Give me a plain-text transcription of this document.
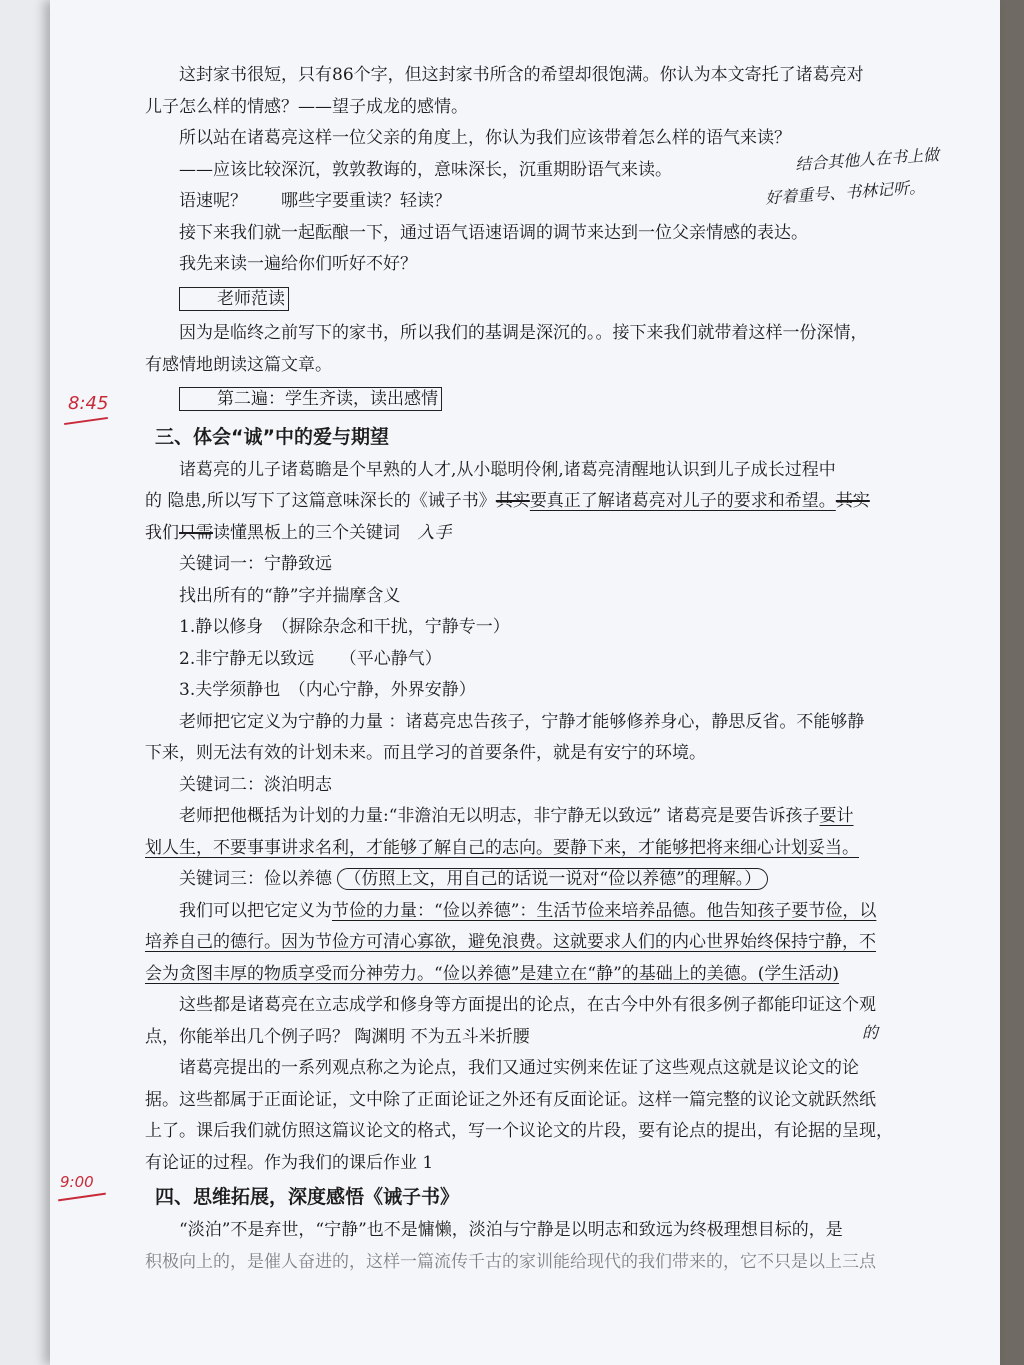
这封家书很短，只有86个字，但这封家书所含的希望却很饱满。你认为本文寄托了诸葛亮对

儿子怎么样的情感？——望子成龙的感情。

所以站在诸葛亮这样一位父亲的角度上，你认为我们应该带着怎么样的语气来读？

——应该比较深沉，敦敦教诲的，意味深长，沉重期盼语气来读。

语速呢？　　哪些字要重读？轻读？

接下来我们就一起酝酿一下，通过语气语速语调的调节来达到一位父亲情感的表达。

我先来读一遍给你们听好不好？

老师范读

因为是临终之前写下的家书，所以我们的基调是深沉的。。接下来我们就带着这样一份深情，

有感情地朗读这篇文章。

第二遍：学生齐读，读出感情

三、体会“诚”中的爱与期望

诸葛亮的儿子诸葛瞻是个早熟的人才,从小聪明伶俐,诸葛亮清醒地认识到儿子成长过程中

的 隐患,所以写下了这篇意味深长的《诫子书》其实要真正了解诸葛亮对儿子的要求和希望。其实

我们只需读懂黑板上的三个关键词 入手

关键词一：宁静致远

找出所有的“静”字并揣摩含义

1.静以修身　（摒除杂念和干扰，宁静专一）

2.非宁静无以致远　　（平心静气）

3.夫学须静也　（内心宁静，外界安静）

老师把它定义为宁静的力量 ：诸葛亮忠告孩子，宁静才能够修养身心，静思反省。不能够静

下来，则无法有效的计划未来。而且学习的首要条件，就是有安宁的环境。

关键词二：淡泊明志

老师把他概括为计划的力量:“非澹泊无以明志，非宁静无以致远” 诸葛亮是要告诉孩子要计

划人生，不要事事讲求名利，才能够了解自己的志向。要静下来，才能够把将来细心计划妥当。

关键词三：俭以养德 （仿照上文，用自己的话说一说对“俭以养德”的理解。）

我们可以把它定义为节俭的力量：“俭以养德”：生活节俭来培养品德。他告知孩子要节俭，以

培养自己的德行。因为节俭方可清心寡欲，避免浪费。这就要求人们的内心世界始终保持宁静，不

会为贪图丰厚的物质享受而分神劳力。“俭以养德”是建立在“静”的基础上的美德。(学生活动)

这些都是诸葛亮在立志成学和修身等方面提出的论点，在古今中外有很多例子都能印证这个观

点，你能举出几个例子吗？ 陶渊明 不为五斗米折腰

诸葛亮提出的一系列观点称之为论点，我们又通过实例来佐证了这些观点这就是议论文的论

据。这些都属于正面论证，文中除了正面论证之外还有反面论证。这样一篇完整的议论文就跃然纸

上了。课后我们就仿照这篇议论文的格式，写一个议论文的片段，要有论点的提出，有论据的呈现，

有论证的过程。作为我们的课后作业 1

四、思维拓展，深度感悟《诫子书》

“淡泊”不是弃世，“宁静”也不是慵懒，淡泊与宁静是以明志和致远为终极理想目标的，是

积极向上的，是催人奋进的，这样一篇流传千古的家训能给现代的我们带来的，它不只是以上三点

结合其他人在书上做
好着重号、书林记听。
的
8:45
9:00
